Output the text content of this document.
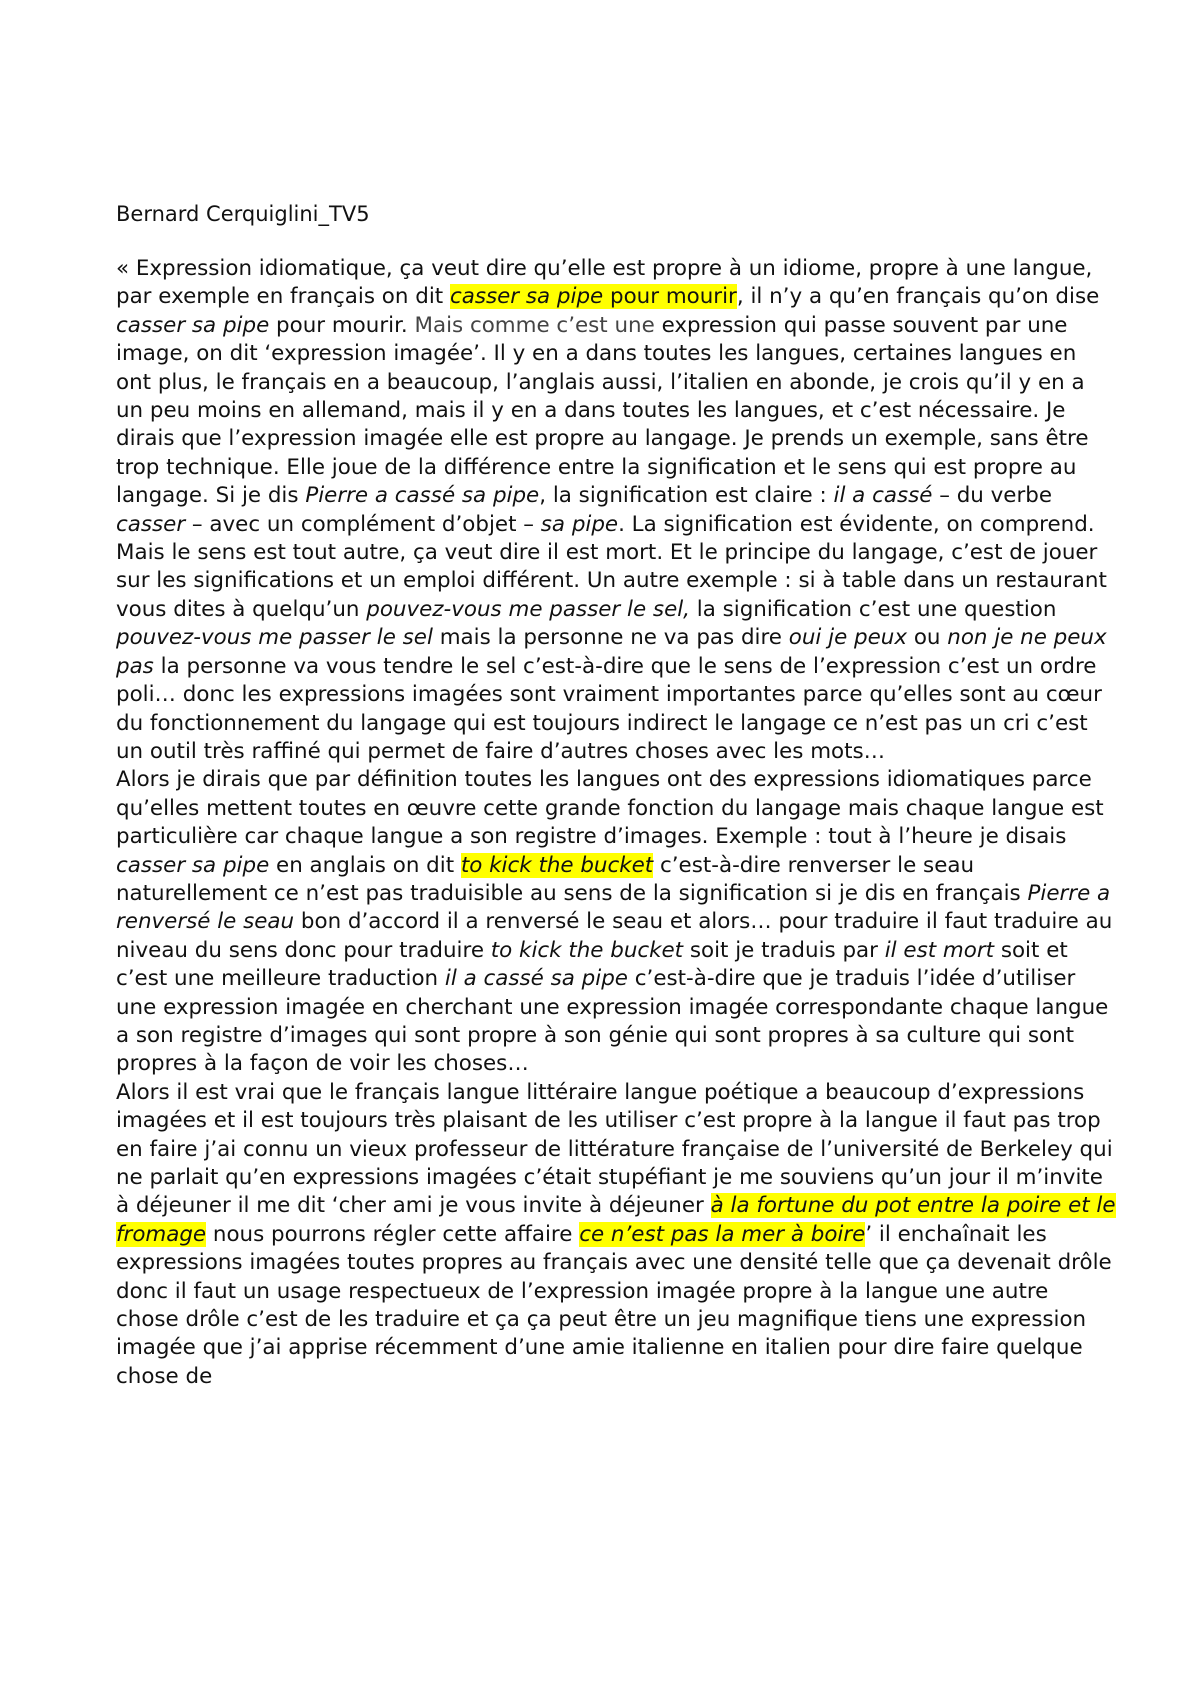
Bernard Cerquiglini_TV5

« Expression idiomatique, ça veut dire qu’elle est propre à un idiome, propre à une langue, par exemple en français on dit casser sa pipe pour mourir, il n’y a qu’en français qu’on dise casser sa pipe pour mourir. Mais comme c’est une expression qui passe souvent par une image, on dit ‘expression imagée’. Il y en a dans toutes les langues, certaines langues en ont plus, le français en a beaucoup, l’anglais aussi, l’italien en abonde, je crois qu’il y en a un peu moins en allemand, mais il y en a dans toutes les langues, et c’est nécessaire. Je dirais que l’expression imagée elle est propre au langage. Je prends un exemple, sans être trop technique. Elle joue de la différence entre la signification et le sens qui est propre au langage. Si je dis Pierre a cassé sa pipe, la signification est claire : il a cassé – du verbe casser – avec un complément d’objet – sa pipe. La signification est évidente, on comprend. Mais le sens est tout autre, ça veut dire il est mort. Et le principe du langage, c’est de jouer sur les significations et un emploi différent. Un autre exemple : si à table dans un restaurant vous dites à quelqu’un pouvez-vous me passer le sel, la signification c’est une question pouvez-vous me passer le sel mais la personne ne va pas dire oui je peux ou non je ne peux pas la personne va vous tendre le sel c’est-à-dire que le sens de l’expression c’est un ordre poli… donc les expressions imagées sont vraiment importantes parce qu’elles sont au cœur du fonctionnement du langage qui est toujours indirect le langage ce n’est pas un cri c’est un outil très raffiné qui permet de faire d’autres choses avec les mots…

Alors je dirais que par définition toutes les langues ont des expressions idiomatiques parce qu’elles mettent toutes en œuvre cette grande fonction du langage mais chaque langue est particulière car chaque langue a son registre d’images. Exemple : tout à l’heure je disais casser sa pipe en anglais on dit to kick the bucket c’est-à-dire renverser le seau naturellement ce n’est pas traduisible au sens de la signification si je dis en français Pierre a renversé le seau bon d’accord il a renversé le seau et alors… pour traduire il faut traduire au niveau du sens donc pour traduire to kick the bucket soit je traduis par il est mort soit et c’est une meilleure traduction il a cassé sa pipe c’est-à-dire que je traduis l’idée d’utiliser une expression imagée en cherchant une expression imagée correspondante chaque langue a son registre d’images qui sont propre à son génie qui sont propres à sa culture qui sont propres à la façon de voir les choses…

Alors il est vrai que le français langue littéraire langue poétique a beaucoup d’expressions imagées et il est toujours très plaisant de les utiliser c’est propre à la langue il faut pas trop en faire j’ai connu un vieux professeur de littérature française de l’université de Berkeley qui ne parlait qu’en expressions imagées c’était stupéfiant je me souviens qu’un jour il m’invite à déjeuner il me dit ‘cher ami je vous invite à déjeuner à la fortune du pot entre la poire et le fromage nous pourrons régler cette affaire ce n’est pas la mer à boire’ il enchaînait les expressions imagées toutes propres au français avec une densité telle que ça devenait drôle donc il faut un usage respectueux de l’expression imagée propre à la langue une autre chose drôle c’est de les traduire et ça ça peut être un jeu magnifique tiens une expression imagée que j’ai apprise récemment d’une amie italienne en italien pour dire faire quelque chose de
